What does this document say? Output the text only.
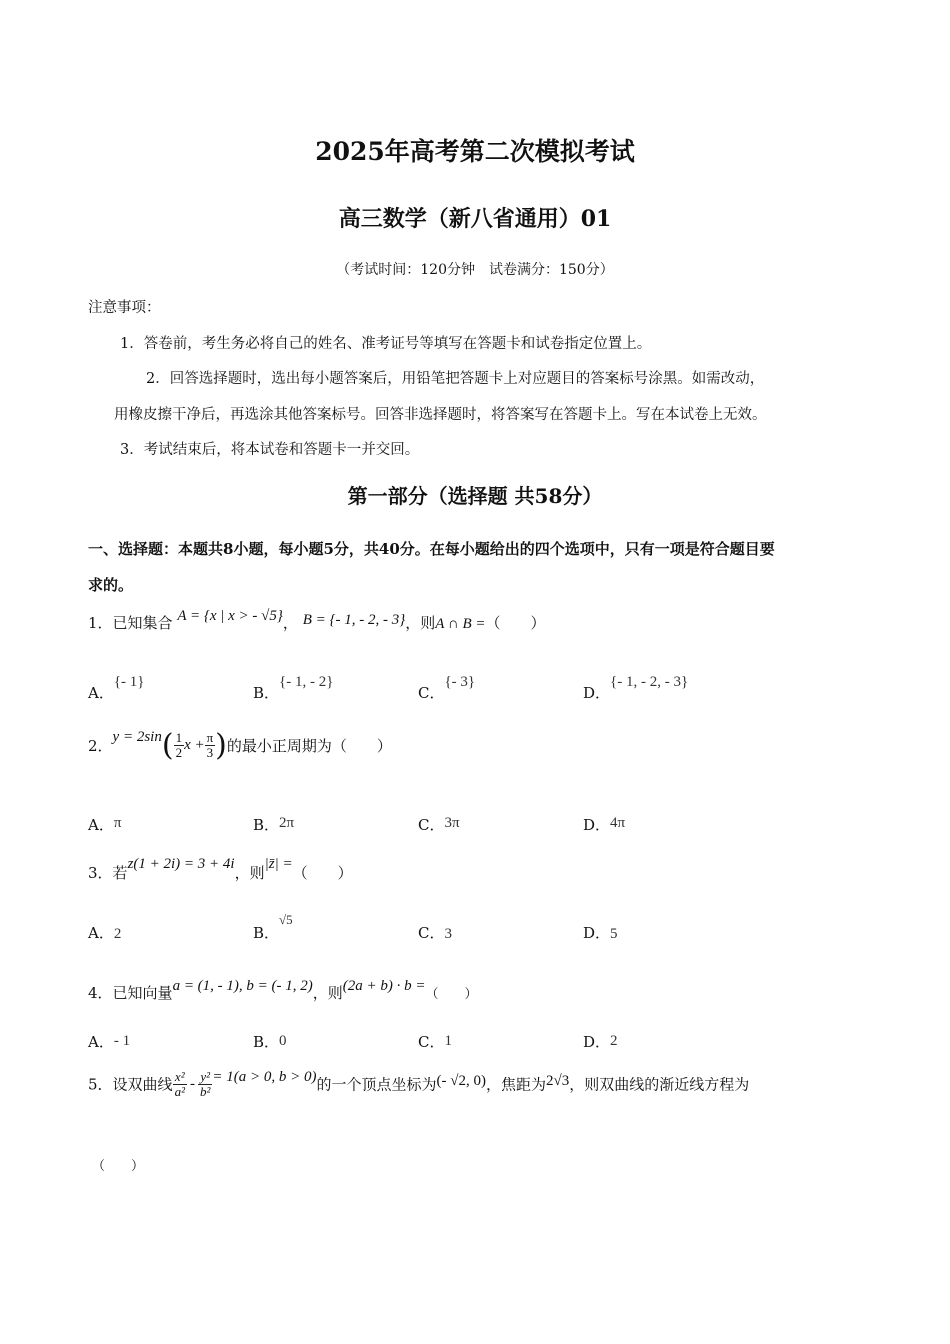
2025年高考第二次模拟考试
高三数学（新八省通用）01
（考试时间：120分钟　试卷满分：150分）
注意事项：
1．答卷前，考生务必将自己的姓名、准考证号等填写在答题卡和试卷指定位置上。
2．回答选择题时，选出每小题答案后，用铅笔把答题卡上对应题目的答案标号涂黑。如需改动，
用橡皮擦干净后，再选涂其他答案标号。回答非选择题时，将答案写在答题卡上。写在本试卷上无效。
3．考试结束后，将本试卷和答题卡一并交回。
第一部分（选择题 共58分）
一、选择题：本题共8小题，每小题5分，共40分。在每小题给出的四个选项中，只有一项是符合题目要
求的。
1．已知集合 A = {x | x > - √5}， B = {- 1, - 2, - 3}，则A ∩ B =（　　）
A．{- 1}
B．{- 1, - 2}
C．{- 3}
D．{- 1, - 2, - 3}
2．$y = 2\sin( \frac{1}{2}$ $x + \frac{\pi}{3}$ )的最小正周期为（　　）
A．π	B．2π	C．3π	D．4π
3．若z(1 + 2i) = 3 + 4i，则|z̄| =（　　）
A．2	B．√5
C．3	D．5
4．已知向量a = (1, - 1), b = (- 1, 2)，则(2a + b) · b =（　　）
A．- 1	B．0	C．1	D．2
5．设双曲线 $\frac{\text{x²}}{\text{a²}} - \frac{\text{y²}}{\text{b²}} = 1(a > 0$, b > 0)的一个顶点坐标为(- √2, 0)，焦距为2√3，则双曲线的渐近线方程为
（　　）
